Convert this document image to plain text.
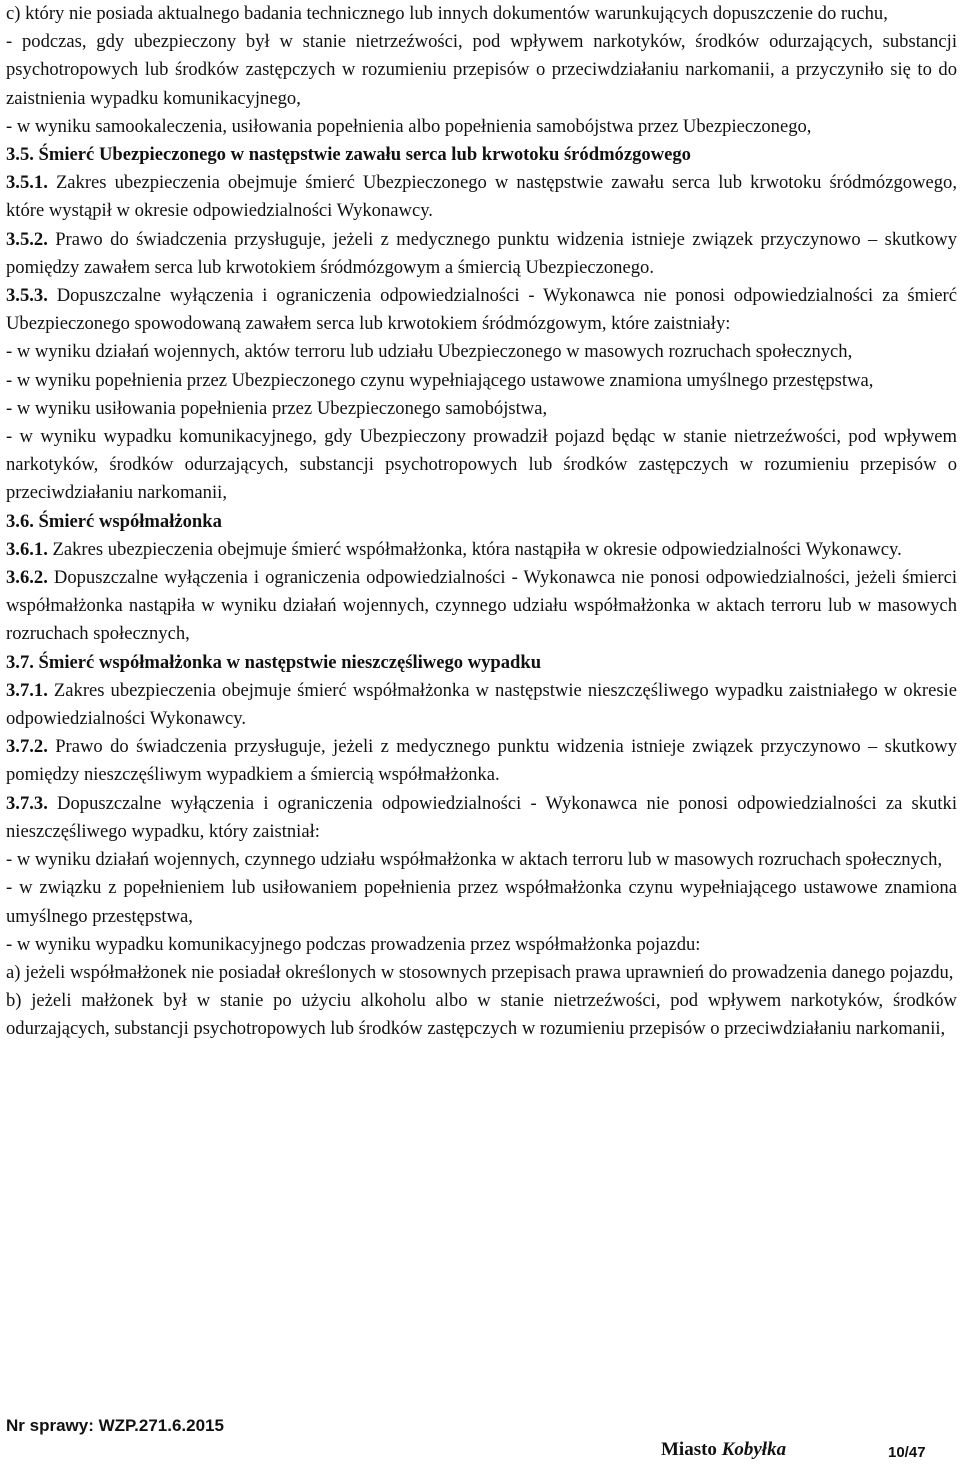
c) który nie posiada aktualnego badania technicznego lub innych dokumentów warunkujących dopuszczenie do ruchu,

- podczas, gdy ubezpieczony był w stanie nietrzeźwości, pod wpływem narkotyków, środków odurzających, substancji psychotropowych lub środków zastępczych w rozumieniu przepisów o przeciwdziałaniu narkomanii, a przyczyniło się to do zaistnienia wypadku komunikacyjnego,

- w wyniku samookaleczenia, usiłowania popełnienia albo popełnienia samobójstwa przez Ubezpieczonego,

3.5. Śmierć Ubezpieczonego w następstwie zawału serca lub krwotoku śródmózgowego

3.5.1. Zakres ubezpieczenia obejmuje śmierć Ubezpieczonego w następstwie zawału serca lub krwotoku śródmózgowego, które wystąpił w okresie odpowiedzialności Wykonawcy.

3.5.2. Prawo do świadczenia przysługuje, jeżeli z medycznego punktu widzenia istnieje związek przyczynowo – skutkowy pomiędzy zawałem serca lub krwotokiem śródmózgowym a śmiercią Ubezpieczonego.

3.5.3. Dopuszczalne wyłączenia i ograniczenia odpowiedzialności - Wykonawca nie ponosi odpowiedzialności za śmierć Ubezpieczonego spowodowaną zawałem serca lub krwotokiem śródmózgowym, które zaistniały:

- w wyniku działań wojennych, aktów terroru lub udziału Ubezpieczonego w masowych rozruchach społecznych,

- w wyniku popełnienia przez Ubezpieczonego czynu wypełniającego ustawowe znamiona umyślnego przestępstwa,

- w wyniku usiłowania popełnienia przez Ubezpieczonego samobójstwa,

- w wyniku wypadku komunikacyjnego, gdy Ubezpieczony prowadził pojazd będąc w stanie nietrzeźwości, pod wpływem narkotyków, środków odurzających, substancji psychotropowych lub środków zastępczych w rozumieniu przepisów o przeciwdziałaniu narkomanii,

3.6. Śmierć współmałżonka

3.6.1. Zakres ubezpieczenia obejmuje śmierć współmałżonka, która nastąpiła w okresie odpowiedzialności Wykonawcy.

3.6.2. Dopuszczalne wyłączenia i ograniczenia odpowiedzialności - Wykonawca nie ponosi odpowiedzialności, jeżeli śmierci współmałżonka nastąpiła w wyniku działań wojennych, czynnego udziału współmałżonka w aktach terroru lub w masowych rozruchach społecznych,

3.7. Śmierć współmałżonka w następstwie nieszczęśliwego wypadku

3.7.1. Zakres ubezpieczenia obejmuje śmierć współmałżonka w następstwie nieszczęśliwego wypadku zaistniałego w okresie odpowiedzialności Wykonawcy.

3.7.2. Prawo do świadczenia przysługuje, jeżeli z medycznego punktu widzenia istnieje związek przyczynowo – skutkowy pomiędzy nieszczęśliwym wypadkiem a śmiercią współmałżonka.

3.7.3. Dopuszczalne wyłączenia i ograniczenia odpowiedzialności - Wykonawca nie ponosi odpowiedzialności za skutki nieszczęśliwego wypadku, który zaistniał:

- w wyniku działań wojennych, czynnego udziału współmałżonka w aktach terroru lub w masowych rozruchach społecznych,

- w związku z popełnieniem lub usiłowaniem popełnienia przez współmałżonka czynu wypełniającego ustawowe znamiona umyślnego przestępstwa,

- w wyniku wypadku komunikacyjnego podczas prowadzenia przez współmałżonka pojazdu:

a) jeżeli współmałżonek nie posiadał określonych w stosownych przepisach prawa uprawnień do prowadzenia danego pojazdu,

b) jeżeli małżonek był w stanie po użyciu alkoholu albo w stanie nietrzeźwości, pod wpływem narkotyków, środków odurzających, substancji psychotropowych lub środków zastępczych w rozumieniu przepisów o przeciwdziałaniu narkomanii,

Nr sprawy: WZP.271.6.2015
Miasto Kobyłka	10/47
